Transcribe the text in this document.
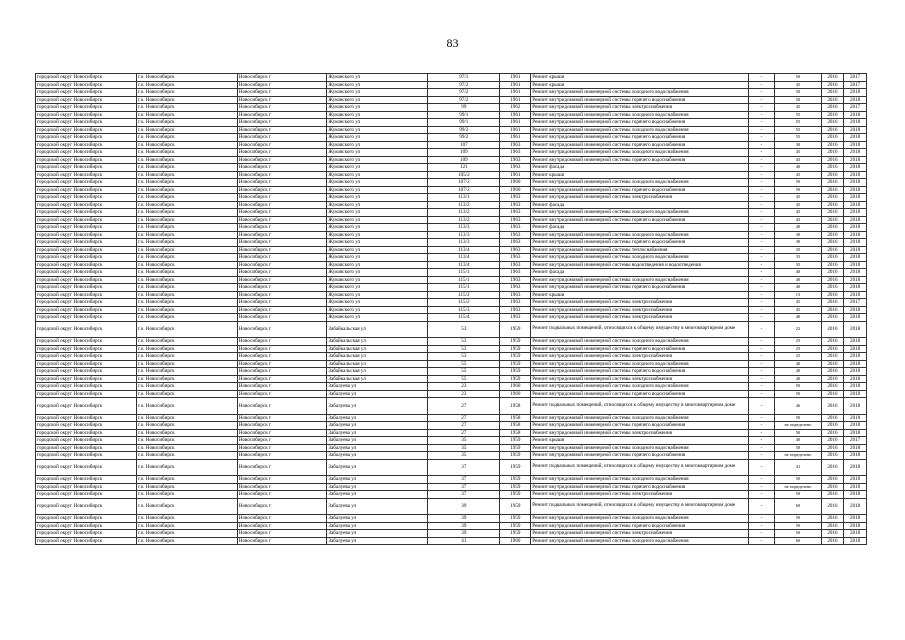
83
городской округ Новосибирск	г.о. Новосибирск	Новосибирск г	Жуковского ул	97/1	1961	Ремонт крыши	-	50	2016	2017
городской округ Новосибирск	г.о. Новосибирск	Новосибирск г	Жуковского ул	97/2	1961	Ремонт крыши	-	45	2016	2017
городской округ Новосибирск	г.о. Новосибирск	Новосибирск г	Жуковского ул	97/2	1961	Ремонт внутридомовой инженерной системы холодного водоснабжения	-	50	2016	2018
городской округ Новосибирск	г.о. Новосибирск	Новосибирск г	Жуковского ул	97/2	1961	Ремонт внутридомовой инженерной системы горячего водоснабжения	-	50	2016	2018
городской округ Новосибирск	г.о. Новосибирск	Новосибирск г	Жуковского ул	99	1962	Ремонт внутридомовой инженерной системы электроснабжения	-	45	2016	2017
городской округ Новосибирск	г.о. Новосибирск	Новосибирск г	Жуковского ул	99/1	1961	Ремонт внутридомовой инженерной системы холодного водоснабжения	-	55	2016	2018
городской округ Новосибирск	г.о. Новосибирск	Новосибирск г	Жуковского ул	99/1	1961	Ремонт внутридомовой инженерной системы горячего водоснабжения	-	55	2016	2018
городской округ Новосибирск	г.о. Новосибирск	Новосибирск г	Жуковского ул	99/2	1961	Ремонт внутридомовой инженерной системы холодного водоснабжения	-	55	2016	2018
городской округ Новосибирск	г.о. Новосибирск	Новосибирск г	Жуковского ул	99/2	1961	Ремонт внутридомовой инженерной системы горячего водоснабжения	-	55	2016	2018
городской округ Новосибирск	г.о. Новосибирск	Новосибирск г	Жуковского ул	107	1963	Ремонт внутридомовой инженерной системы горячего водоснабжения	-	30	2016	2018
городской округ Новосибирск	г.о. Новосибирск	Новосибирск г	Жуковского ул	109	1963	Ремонт внутридомовой инженерной системы холодного водоснабжения	-	45	2016	2018
городской округ Новосибирск	г.о. Новосибирск	Новосибирск г	Жуковского ул	109	1963	Ремонт внутридомовой инженерной системы горячего водоснабжения	-	45	2016	2018
городской округ Новосибирск	г.о. Новосибирск	Новосибирск г	Жуковского ул	121	1963	Ремонт фасада	-	40	2016	2018
городской округ Новосибирск	г.о. Новосибирск	Новосибирск г	Жуковского ул	105/2	1961	Ремонт крыши	-	45	2016	2018
городской округ Новосибирск	г.о. Новосибирск	Новосибирск г	Жуковского ул	107/2	1960	Ремонт внутридомовой инженерной системы холодного водоснабжения	-	50	2016	2018
городской округ Новосибирск	г.о. Новосибирск	Новосибирск г	Жуковского ул	107/2	1960	Ремонт внутридомовой инженерной системы горячего водоснабжения	-	50	2016	2018
городской округ Новосибирск	г.о. Новосибирск	Новосибирск г	Жуковского ул	113/1	1963	Ремонт внутридомовой инженерной системы электроснабжения	-	45	2016	2018
городской округ Новосибирск	г.о. Новосибирск	Новосибирск г	Жуковского ул	113/2	1963	Ремонт фасада	-	45	2016	2018
городской округ Новосибирск	г.о. Новосибирск	Новосибирск г	Жуковского ул	113/2	1963	Ремонт внутридомовой инженерной системы холодного водоснабжения	-	45	2016	2018
городской округ Новосибирск	г.о. Новосибирск	Новосибирск г	Жуковского ул	113/2	1963	Ремонт внутридомовой инженерной системы горячего водоснабжения	-	45	2016	2018
городской округ Новосибирск	г.о. Новосибирск	Новосибирск г	Жуковского ул	113/3	1963	Ремонт фасада	-	40	2016	2018
городской округ Новосибирск	г.о. Новосибирск	Новосибирск г	Жуковского ул	113/3	1963	Ремонт внутридомовой инженерной системы холодного водоснабжения	-	30	2016	2018
городской округ Новосибирск	г.о. Новосибирск	Новосибирск г	Жуковского ул	113/3	1963	Ремонт внутридомовой инженерной системы горячего водоснабжения	-	30	2016	2018
городской округ Новосибирск	г.о. Новосибирск	Новосибирск г	Жуковского ул	113/4	1963	Ремонт внутридомовой инженерной системы теплоснабжения	-	35	2016	2018
городской округ Новосибирск	г.о. Новосибирск	Новосибирск г	Жуковского ул	113/4	1963	Ремонт внутридомовой инженерной системы холодного водоснабжения	-	35	2016	2018
городской округ Новосибирск	г.о. Новосибирск	Новосибирск г	Жуковского ул	113/4	1963	Ремонт внутридомовой инженерной системы водоотведения и водоотведения	-	35	2016	2018
городской округ Новосибирск	г.о. Новосибирск	Новосибирск г	Жуковского ул	115/1	1963	Ремонт фасада	-	40	2016	2018
городской округ Новосибирск	г.о. Новосибирск	Новосибирск г	Жуковского ул	115/1	1963	Ремонт внутридомовой инженерной системы холодного водоснабжения	-	40	2016	2018
городской округ Новосибирск	г.о. Новосибирск	Новосибирск г	Жуковского ул	115/1	1963	Ремонт внутридомовой инженерной системы горячего водоснабжения	-	40	2016	2018
городской округ Новосибирск	г.о. Новосибирск	Новосибирск г	Жуковского ул	115/2	1963	Ремонт крыши	-	15	2016	2018
городской округ Новосибирск	г.о. Новосибирск	Новосибирск г	Жуковского ул	115/2	1963	Ремонт внутридомовой инженерной системы электроснабжения	-	45	2016	2017
городской округ Новосибирск	г.о. Новосибирск	Новосибирск г	Жуковского ул	115/3	1963	Ремонт внутридомовой инженерной системы электроснабжения	-	45	2016	2018
городской округ Новосибирск	г.о. Новосибирск	Новосибирск г	Жуковского ул	115/4	1963	Ремонт внутридомовой инженерной системы электроснабжения	-	40	2016	2018
городской округ Новосибирск	г.о. Новосибирск	Новосибирск г	Забайкальская ул	53	1959	Ремонт подвальных помещений, относящихся к общему имуществу в многоквартирном доме	-	22	2016	2018
городской округ Новосибирск	г.о. Новосибирск	Новосибирск г	Забайкальская ул	53	1959	Ремонт внутридомовой инженерной системы холодного водоснабжения	-	25	2016	2018
городской округ Новосибирск	г.о. Новосибирск	Новосибирск г	Забайкальская ул	53	1959	Ремонт внутридомовой инженерной системы горячего водоснабжения	-	25	2016	2018
городской округ Новосибирск	г.о. Новосибирск	Новосибирск г	Забайкальская ул	53	1959	Ремонт внутридомовой инженерной системы электроснабжения	-	25	2016	2018
городской округ Новосибирск	г.о. Новосибирск	Новосибирск г	Забайкальская ул	55	1959	Ремонт внутридомовой инженерной системы холодного водоснабжения	-	40	2016	2018
городской округ Новосибирск	г.о. Новосибирск	Новосибирск г	Забайкальская ул	55	1959	Ремонт внутридомовой инженерной системы горячего водоснабжения	-	40	2016	2018
городской округ Новосибирск	г.о. Новосибирск	Новосибирск г	Забайкальская ул	55	1959	Ремонт внутридомовой инженерной системы электроснабжения	-	40	2016	2018
городской округ Новосибирск	г.о. Новосибирск	Новосибирск г	Забалуева ул	23	1960	Ремонт внутридомовой инженерной системы холодного водоснабжения	-	50	2016	2018
городской округ Новосибирск	г.о. Новосибирск	Новосибирск г	Забалуева ул	23	1960	Ремонт внутридомовой инженерной системы горячего водоснабжения	-	50	2016	2018
городской округ Новосибирск	г.о. Новосибирск	Новосибирск г	Забалуева ул	27	1958	Ремонт подвальных помещений, относящихся к общему имуществу в многоквартирном доме	-	46	2016	2018
городской округ Новосибирск	г.о. Новосибирск	Новосибирск г	Забалуева ул	27	1958	Ремонт внутридомовой инженерной системы холодного водоснабжения	-	50	2016	2018
городской округ Новосибирск	г.о. Новосибирск	Новосибирск г	Забалуева ул	27	1958	Ремонт внутридомовой инженерной системы горячего водоснабжения	-	не определено	2016	2018
городской округ Новосибирск	г.о. Новосибирск	Новосибирск г	Забалуева ул	27	1958	Ремонт внутридомовой инженерной системы электроснабжения	-	50	2016	2018
городской округ Новосибирск	г.о. Новосибирск	Новосибирск г	Забалуева ул	35	1959	Ремонт крыши	-	40	2016	2017
городской округ Новосибирск	г.о. Новосибирск	Новосибирск г	Забалуева ул	35	1959	Ремонт внутридомовой инженерной системы холодного водоснабжения	-	50	2016	2018
городской округ Новосибирск	г.о. Новосибирск	Новосибирск г	Забалуева ул	35	1959	Ремонт внутридомовой инженерной системы горячего водоснабжения	-	не определено	2016	2018
городской округ Новосибирск	г.о. Новосибирск	Новосибирск г	Забалуева ул	37	1959	Ремонт подвальных помещений, относящихся к общему имуществу в многоквартирном доме	-	41	2016	2018
городской округ Новосибирск	г.о. Новосибирск	Новосибирск г	Забалуева ул	37	1959	Ремонт внутридомовой инженерной системы холодного водоснабжения	-	50	2016	2018
городской округ Новосибирск	г.о. Новосибирск	Новосибирск г	Забалуева ул	37	1959	Ремонт внутридомовой инженерной системы горячего водоснабжения	-	не определено	2016	2018
городской округ Новосибирск	г.о. Новосибирск	Новосибирск г	Забалуева ул	37	1959	Ремонт внутридомовой инженерной системы электроснабжения	-	50	2016	2018
городской округ Новосибирск	г.о. Новосибирск	Новосибирск г	Забалуева ул	39	1959	Ремонт подвальных помещений, относящихся к общему имуществу в многоквартирном доме	-	60	2016	2018
городской округ Новосибирск	г.о. Новосибирск	Новосибирск г	Забалуева ул	39	1959	Ремонт внутридомовой инженерной системы холодного водоснабжения	-	50	2016	2018
городской округ Новосибирск	г.о. Новосибирск	Новосибирск г	Забалуева ул	39	1959	Ремонт внутридомовой инженерной системы горячего водоснабжения	-	50	2016	2018
городской округ Новосибирск	г.о. Новосибирск	Новосибирск г	Забалуева ул	39	1959	Ремонт внутридомовой инженерной системы электроснабжения	-	50	2016	2018
городской округ Новосибирск	г.о. Новосибирск	Новосибирск г	Забалуева ул	41	1960	Ремонт внутридомовой инженерной системы холодного водоснабжения	-	60	2016	2018
